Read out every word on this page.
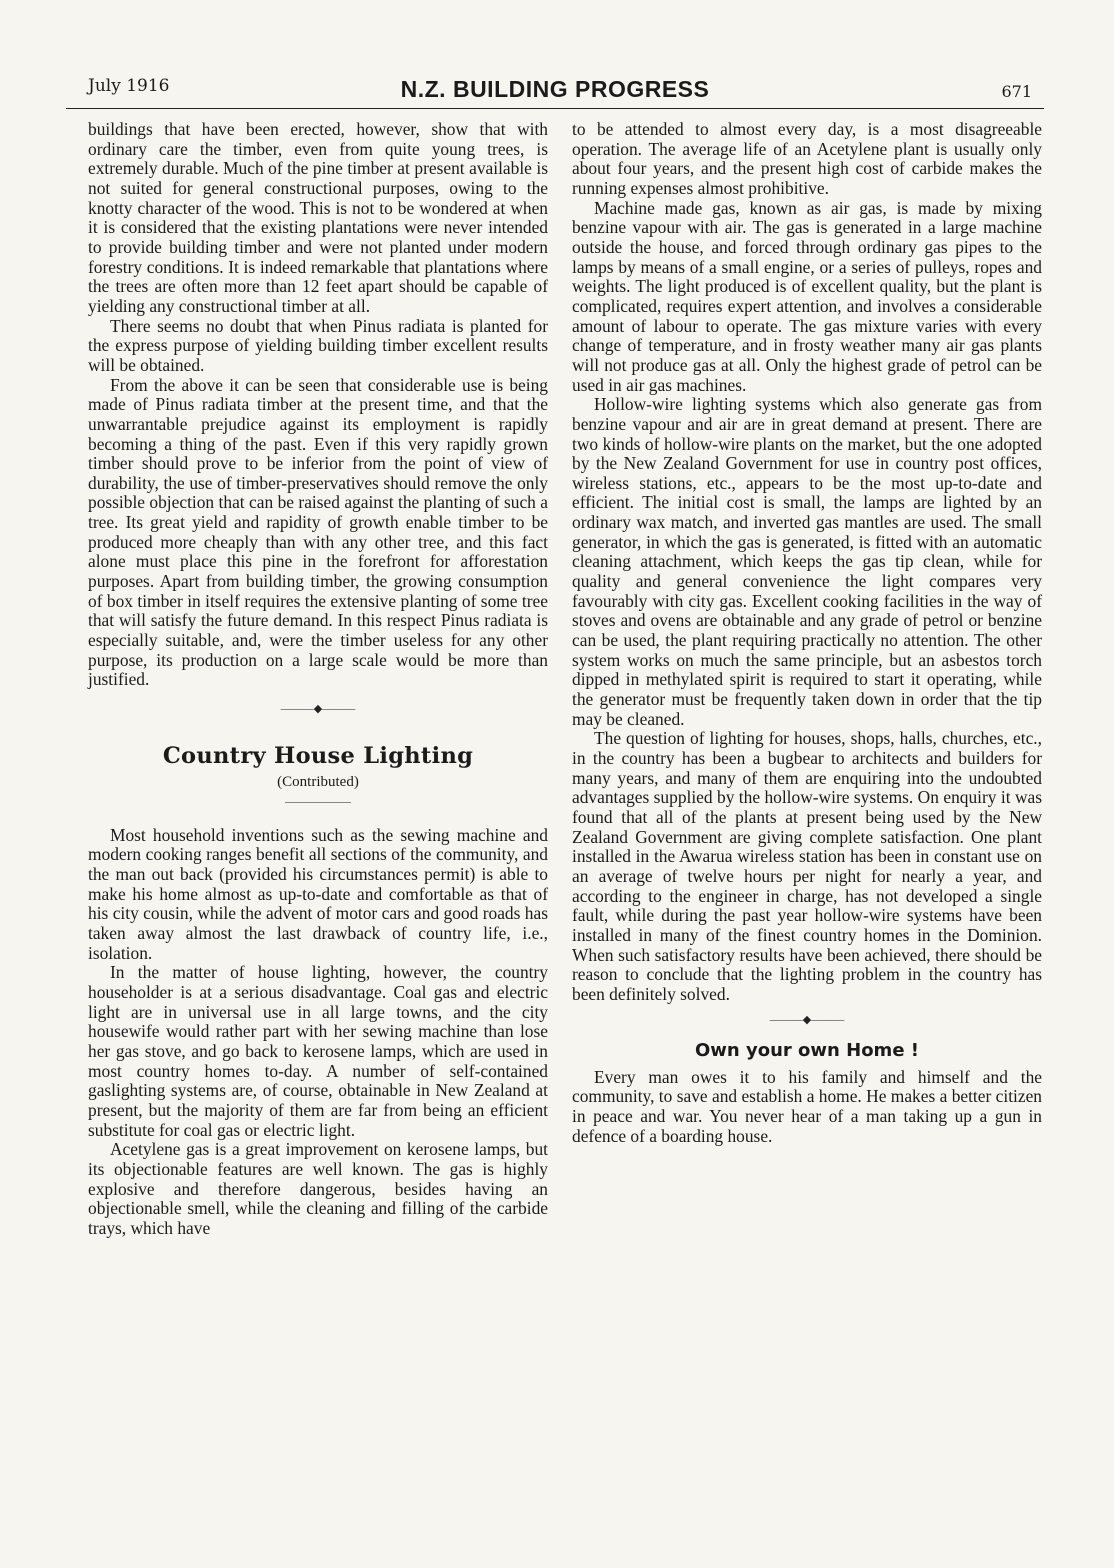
July 1916	N.Z. BUILDING PROGRESS	671

buildings that have been erected, however, show that with ordinary care the timber, even from quite young trees, is extremely durable. Much of the pine timber at present available is not suited for general constructional purposes, owing to the knotty character of the wood. This is not to be wondered at when it is considered that the existing plantations were never intended to provide building timber and were not planted under modern forestry conditions. It is indeed remarkable that plantations where the trees are often more than 12 feet apart should be capable of yielding any constructional timber at all.

There seems no doubt that when Pinus radiata is planted for the express purpose of yielding building timber excellent results will be obtained.

From the above it can be seen that considerable use is being made of Pinus radiata timber at the present time, and that the unwarrantable prejudice against its employment is rapidly becoming a thing of the past. Even if this very rapidly grown timber should prove to be inferior from the point of view of durability, the use of timber-preservatives should remove the only possible objection that can be raised against the planting of such a tree. Its great yield and rapidity of growth enable timber to be produced more cheaply than with any other tree, and this fact alone must place this pine in the forefront for afforestation purposes. Apart from building timber, the growing consumption of box timber in itself requires the extensive planting of some tree that will satisfy the future demand. In this respect Pinus radiata is especially suitable, and, were the timber useless for any other purpose, its production on a large scale would be more than justified.

———◆———
Country House Lighting
(Contributed)
——————

Most household inventions such as the sewing machine and modern cooking ranges benefit all sections of the community, and the man out back (provided his circumstances permit) is able to make his home almost as up-to-date and comfortable as that of his city cousin, while the advent of motor cars and good roads has taken away almost the last drawback of country life, i.e., isolation.

In the matter of house lighting, however, the country householder is at a serious disadvantage. Coal gas and electric light are in universal use in all large towns, and the city housewife would rather part with her sewing machine than lose her gas stove, and go back to kerosene lamps, which are used in most country homes to-day. A number of self-contained gaslighting systems are, of course, obtainable in New Zealand at present, but the majority of them are far from being an efficient substitute for coal gas or electric light.

Acetylene gas is a great improvement on kerosene lamps, but its objectionable features are well known. The gas is highly explosive and therefore dangerous, besides having an objectionable smell, while the cleaning and filling of the carbide trays, which have

to be attended to almost every day, is a most disagreeable operation. The average life of an Acetylene plant is usually only about four years, and the present high cost of carbide makes the running expenses almost prohibitive.

Machine made gas, known as air gas, is made by mixing benzine vapour with air. The gas is generated in a large machine outside the house, and forced through ordinary gas pipes to the lamps by means of a small engine, or a series of pulleys, ropes and weights. The light produced is of excellent quality, but the plant is complicated, requires expert attention, and involves a considerable amount of labour to operate. The gas mixture varies with every change of temperature, and in frosty weather many air gas plants will not produce gas at all. Only the highest grade of petrol can be used in air gas machines.

Hollow-wire lighting systems which also generate gas from benzine vapour and air are in great demand at present. There are two kinds of hollow-wire plants on the market, but the one adopted by the New Zealand Government for use in country post offices, wireless stations, etc., appears to be the most up-to-date and efficient. The initial cost is small, the lamps are lighted by an ordinary wax match, and inverted gas mantles are used. The small generator, in which the gas is generated, is fitted with an automatic cleaning attachment, which keeps the gas tip clean, while for quality and general convenience the light compares very favourably with city gas. Excellent cooking facilities in the way of stoves and ovens are obtainable and any grade of petrol or benzine can be used, the plant requiring practically no attention. The other system works on much the same principle, but an asbestos torch dipped in methylated spirit is required to start it operating, while the generator must be frequently taken down in order that the tip may be cleaned.

The question of lighting for houses, shops, halls, churches, etc., in the country has been a bugbear to architects and builders for many years, and many of them are enquiring into the undoubted advantages supplied by the hollow-wire systems. On enquiry it was found that all of the plants at present being used by the New Zealand Government are giving complete satisfaction. One plant installed in the Awarua wireless station has been in constant use on an average of twelve hours per night for nearly a year, and according to the engineer in charge, has not developed a single fault, while during the past year hollow-wire systems have been installed in many of the finest country homes in the Dominion. When such satisfactory results have been achieved, there should be reason to conclude that the lighting problem in the country has been definitely solved.

———◆———
Own your own Home !

Every man owes it to his family and himself and the community, to save and establish a home. He makes a better citizen in peace and war. You never hear of a man taking up a gun in defence of a boarding house.
